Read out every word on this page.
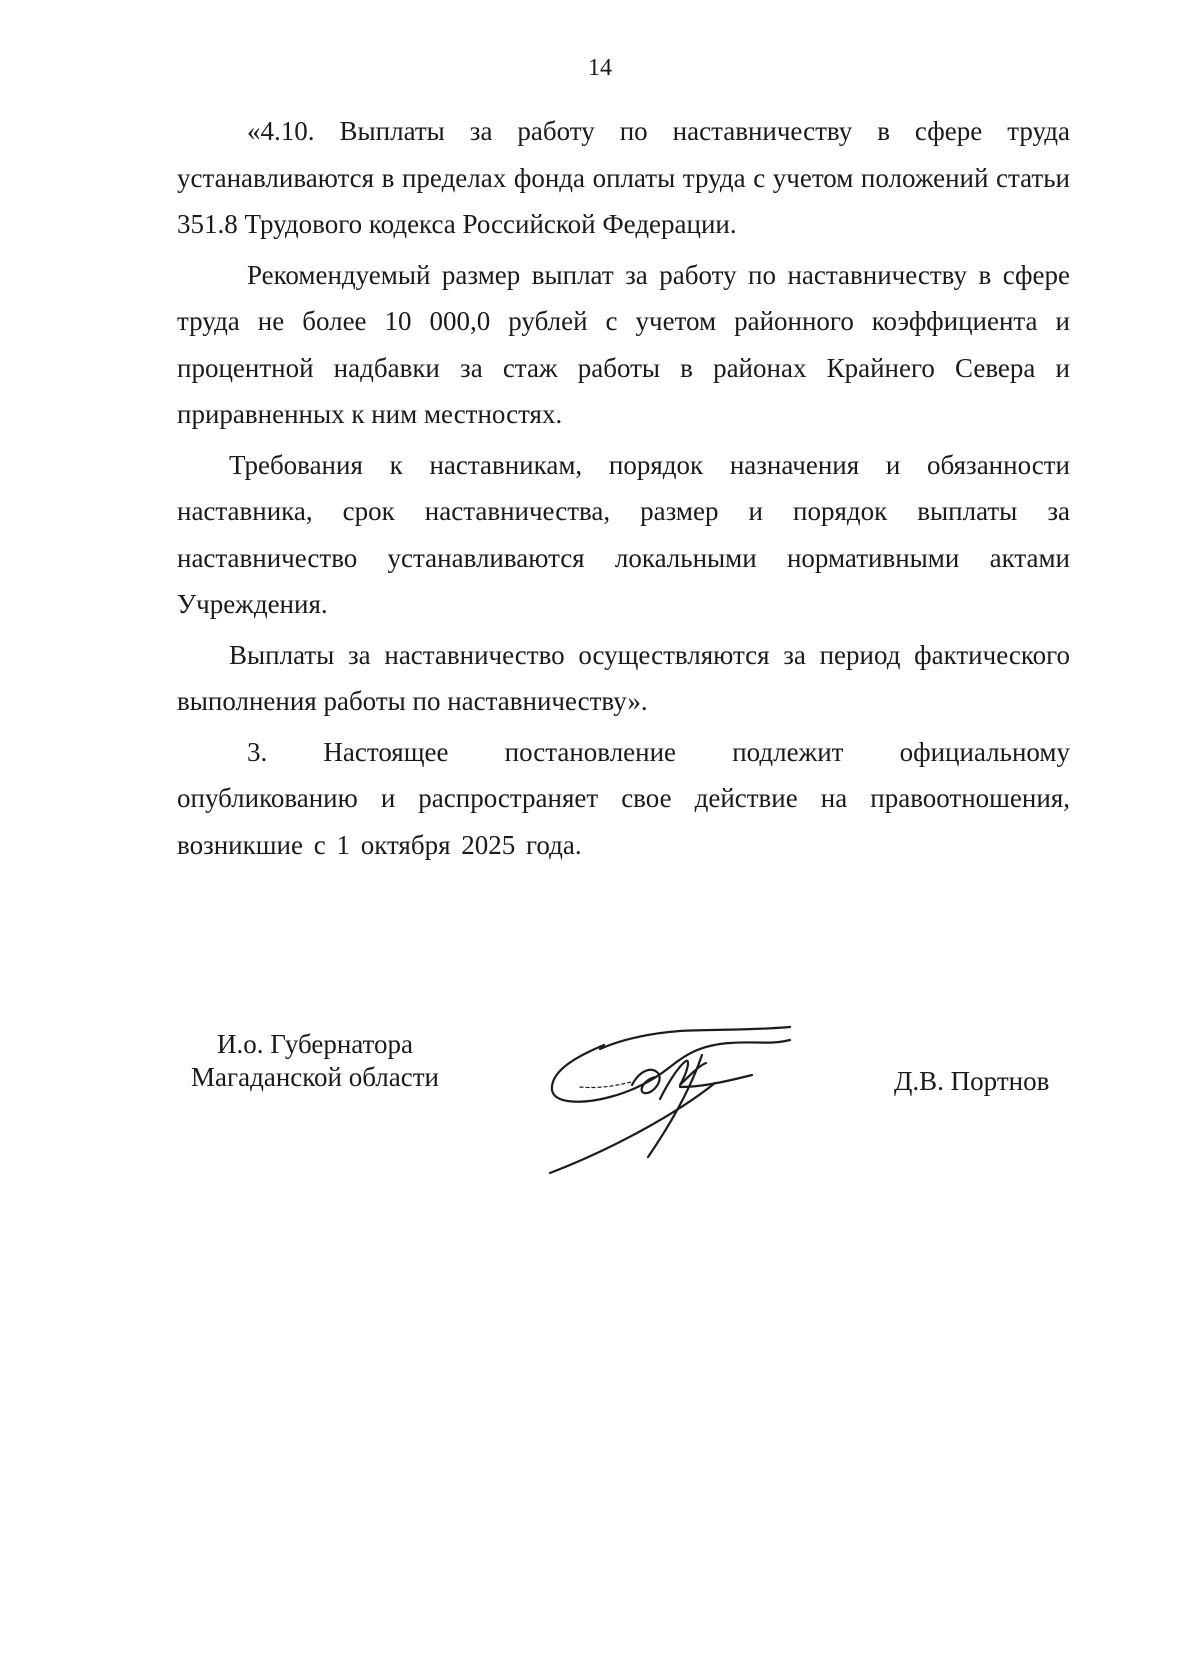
14

«4.10. Выплаты за работу по наставничеству в сфере труда устанавливаются в пределах фонда оплаты труда с учетом положений статьи 351.8 Трудового кодекса Российской Федерации.

Рекомендуемый размер выплат за работу по наставничеству в сфере труда не более 10 000,0 рублей с учетом районного коэффициента и процентной надбавки за стаж работы в районах Крайнего Севера и приравненных к ним местностях.

Требования к наставникам, порядок назначения и обязанности наставника, срок наставничества, размер и порядок выплаты за наставничество устанавливаются локальными нормативными актами Учреждения.

Выплаты за наставничество осуществляются за период фактического выполнения работы по наставничеству».

3. Настоящее постановление подлежит официальному опубликованию и распространяет свое действие на правоотношения, возникшие с 1 октября 2025 года.

И.о. Губернатора
Магаданской области	Д.В. Портнов
